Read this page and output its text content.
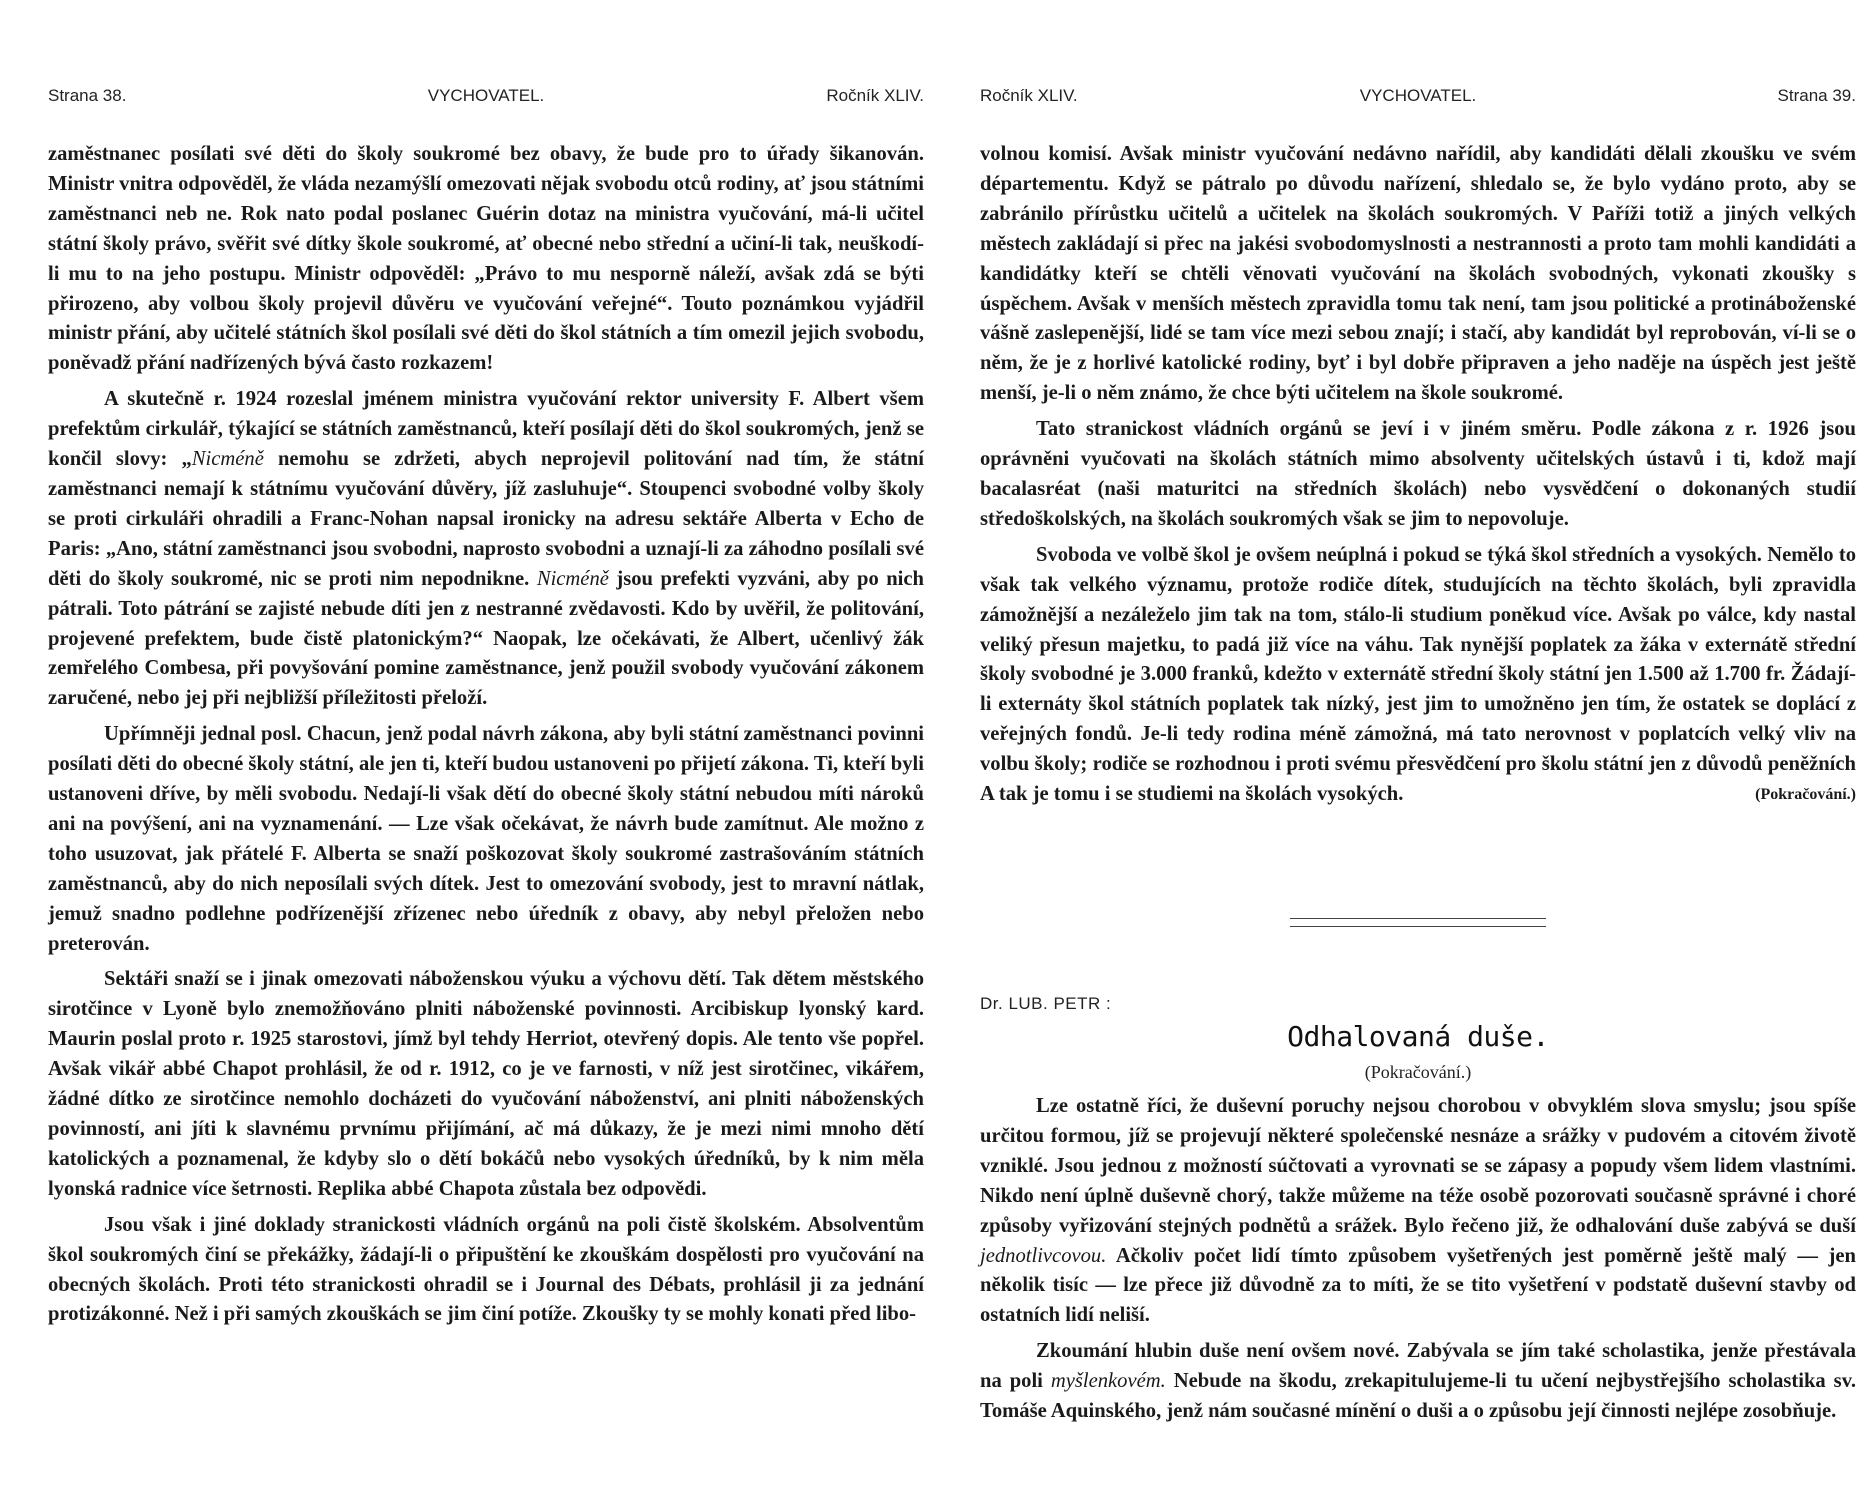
Strana 38.	VYCHOVATEL.	Ročník XLIV.

zaměstnanec posílati své děti do školy soukromé bez obavy, že bude pro to úřady šikanován. Ministr vnitra odpověděl, že vláda nezamýšlí omezovati nějak svobodu otců rodiny, ať jsou státními zaměstnanci neb ne. Rok nato podal poslanec Guérin dotaz na ministra vyučování, má-li učitel státní školy právo, svěřit své dítky škole soukromé, ať obecné nebo střední a učiní-li tak, neuškodí-li mu to na jeho postupu. Ministr odpověděl: „Právo to mu nesporně náleží, avšak zdá se býti přirozeno, aby volbou školy projevil důvěru ve vyučování veřejné“. Touto poznámkou vyjádřil ministr přání, aby učitelé státních škol posílali své děti do škol státních a tím omezil jejich svobodu, poněvadž přání nadřízených bývá často rozkazem!

A skutečně r. 1924 rozeslal jménem ministra vyučování rektor university F. Albert všem prefektům cirkulář, týkající se státních zaměstnanců, kteří posílají děti do škol soukromých, jenž se končil slovy: „Nicméně nemohu se zdržeti, abych neprojevil politování nad tím, že státní zaměstnanci nemají k státnímu vyučování důvěry, jíž zasluhuje“. Stoupenci svobodné volby školy se proti cirkuláři ohradili a Franc-Nohan napsal ironicky na adresu sektáře Alberta v Echo de Paris: „Ano, státní zaměstnanci jsou svobodni, naprosto svobodni a uznají-li za záhodno posílali své děti do školy soukromé, nic se proti nim nepodnikne. Nicméně jsou prefekti vyzváni, aby po nich pátrali. Toto pátrání se zajisté nebude díti jen z nestranné zvědavosti. Kdo by uvěřil, že politování, projevené prefektem, bude čistě platonickým?“ Naopak, lze očekávati, že Albert, učenlivý žák zemřelého Combesa, při povyšování pomine zaměstnance, jenž použil svobody vyučování zákonem zaručené, nebo jej při nejbližší příležitosti přeloží.

Upřímněji jednal posl. Chacun, jenž podal návrh zákona, aby byli státní zaměstnanci povinni posílati děti do obecné školy státní, ale jen ti, kteří budou ustanoveni po přijetí zákona. Ti, kteří byli ustanoveni dříve, by měli svobodu. Nedají-li však dětí do obecné školy státní nebudou míti nároků ani na povýšení, ani na vyznamenání. — Lze však očekávat, že návrh bude zamítnut. Ale možno z toho usuzovat, jak přátelé F. Alberta se snaží poškozovat školy soukromé zastrašováním státních zaměstnanců, aby do nich neposílali svých dítek. Jest to omezování svobody, jest to mravní nátlak, jemuž snadno podlehne podřízenější zřízenec nebo úředník z obavy, aby nebyl přeložen nebo preterován.

Sektáři snaží se i jinak omezovati náboženskou výuku a výchovu dětí. Tak dětem městského sirotčince v Lyoně bylo znemožňováno plniti náboženské povinnosti. Arcibiskup lyonský kard. Maurin poslal proto r. 1925 starostovi, jímž byl tehdy Herriot, otevřený dopis. Ale tento vše popřel. Avšak vikář abbé Chapot prohlásil, že od r. 1912, co je ve farnosti, v níž jest sirotčinec, vikářem, žádné dítko ze sirotčince nemohlo docházeti do vyučování náboženství, ani plniti náboženských povinností, ani jíti k slavnému prvnímu přijímání, ač má důkazy, že je mezi nimi mnoho dětí katolických a poznamenal, že kdyby slo o dětí bokáčů nebo vysokých úředníků, by k nim měla lyonská radnice více šetrnosti. Replika abbé Chapota zůstala bez odpovědi.

Jsou však i jiné doklady stranickosti vládních orgánů na poli čistě školském. Absolventům škol soukromých činí se překážky, žádají-li o připuštění ke zkouškám dospělosti pro vyučování na obecných školách. Proti této stranickosti ohradil se i Journal des Débats, prohlásil ji za jednání protizákonné. Než i při samých zkouškách se jim činí potíže. Zkoušky ty se mohly konati před libo-

Ročník XLIV.	VYCHOVATEL.	Strana 39.

volnou komisí. Avšak ministr vyučování nedávno nařídil, aby kandidáti dělali zkoušku ve svém départementu. Když se pátralo po důvodu nařízení, shledalo se, že bylo vydáno proto, aby se zabránilo přírůstku učitelů a učitelek na školách soukromých. V Paříži totiž a jiných velkých městech zakládají si přec na jakési svobodomyslnosti a nestrannosti a proto tam mohli kandidáti a kandidátky kteří se chtěli věnovati vyučování na školách svobodných, vykonati zkoušky s úspěchem. Avšak v menších městech zpravidla tomu tak není, tam jsou politické a protináboženské vášně zaslepenější, lidé se tam více mezi sebou znají; i stačí, aby kandidát byl reprobován, ví-li se o něm, že je z horlivé katolické rodiny, byť i byl dobře připraven a jeho naděje na úspěch jest ještě menší, je-li o něm známo, že chce býti učitelem na škole soukromé.

Tato stranickost vládních orgánů se jeví i v jiném směru. Podle zákona z r. 1926 jsou oprávněni vyučovati na školách státních mimo absolventy učitelských ústavů i ti, kdož mají bacalasréat (naši maturitci na středních školách) nebo vysvědčení o dokonaných studií středoškolských, na školách soukromých však se jim to nepovoluje.

Svoboda ve volbě škol je ovšem neúplná i pokud se týká škol středních a vysokých. Nemělo to však tak velkého významu, protože rodiče dítek, studujících na těchto školách, byli zpravidla zámožnější a nezáleželo jim tak na tom, stálo-li studium poněkud více. Avšak po válce, kdy nastal veliký přesun majetku, to padá již více na váhu. Tak nynější poplatek za žáka v externátě střední školy svobodné je 3.000 franků, kdežto v externátě střední školy státní jen 1.500 až 1.700 fr. Žádají-li externáty škol státních poplatek tak nízký, jest jim to umožněno jen tím, že ostatek se doplácí z veřejných fondů. Je-li tedy rodina méně zámožná, má tato nerovnost v poplatcích velký vliv na volbu školy; rodiče se rozhodnou i proti svému přesvědčení pro školu státní jen z důvodů peněžních A tak je tomu i se studiemi na školách vysokých.	(Pokračování.)

Dr. LUB. PETR :
Odhalovaná duše.
(Pokračování.)

Lze ostatně říci, že duševní poruchy nejsou chorobou v obvyklém slova smyslu; jsou spíše určitou formou, jíž se projevují některé společenské nesnáze a srážky v pudovém a citovém životě vzniklé. Jsou jednou z možností súčtovati a vyrovnati se se zápasy a popudy všem lidem vlastními. Nikdo není úplně duševně chorý, takže můžeme na téže osobě pozorovati současně správné i choré způsoby vyřizování stejných podnětů a srážek. Bylo řečeno již, že odhalování duše zabývá se duší jednotlivcovou. Ačkoliv počet lidí tímto způsobem vyšetřených jest poměrně ještě malý — jen několik tisíc — lze přece již důvodně za to míti, že se tito vyšetření v podstatě duševní stavby od ostatních lidí neliší.

Zkoumání hlubin duše není ovšem nové. Zabývala se jím také scholastika, jenže přestávala na poli myšlenkovém. Nebude na škodu, zrekapitulujeme-li tu učení nejbystřejšího scholastika sv. Tomáše Aquinského, jenž nám současné mínění o duši a o způsobu její činnosti nejlépe zosobňuje.
